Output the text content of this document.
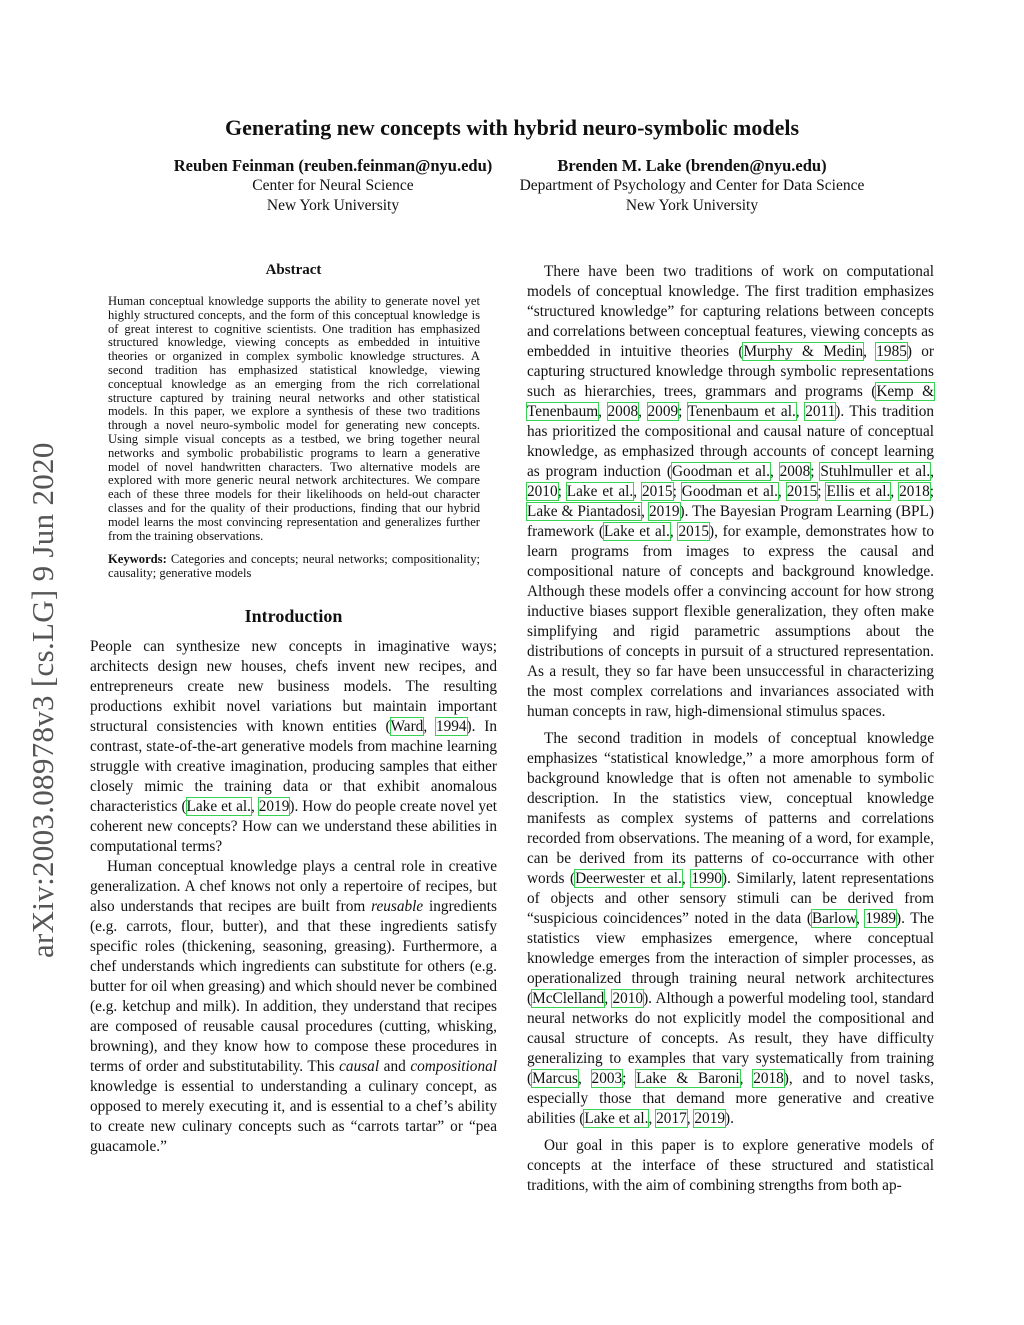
arXiv:2003.08978v3 [cs.LG] 9 Jun 2020
Generating new concepts with hybrid neuro-symbolic models
Reuben Feinman (reuben.feinman@nyu.edu)
Center for Neural Science
New York University
Brenden M. Lake (brenden@nyu.edu)
Department of Psychology and Center for Data Science
New York University
Abstract
Human conceptual knowledge supports the ability to generate novel yet highly structured concepts, and the form of this conceptual knowledge is of great interest to cognitive scientists. One tradition has emphasized structured knowledge, viewing concepts as embedded in intuitive theories or organized in complex symbolic knowledge structures. A second tradition has emphasized statistical knowledge, viewing conceptual knowledge as an emerging from the rich correlational structure captured by training neural networks and other statistical models. In this paper, we explore a synthesis of these two traditions through a novel neuro-symbolic model for generating new concepts. Using simple visual concepts as a testbed, we bring together neural networks and symbolic probabilistic programs to learn a generative model of novel handwritten characters. Two alternative models are explored with more generic neural network architectures. We compare each of these three models for their likelihoods on held-out character classes and for the quality of their productions, finding that our hybrid model learns the most convincing representation and generalizes further from the training observations.
Keywords: Categories and concepts; neural networks; compositionality; causality; generative models
Introduction

People can synthesize new concepts in imaginative ways; architects design new houses, chefs invent new recipes, and entrepreneurs create new business models. The resulting productions exhibit novel variations but maintain important structural consistencies with known entities (Ward, 1994). In contrast, state-of-the-art generative models from machine learning struggle with creative imagination, producing samples that either closely mimic the training data or that exhibit anomalous characteristics (Lake et al., 2019). How do people create novel yet coherent new concepts? How can we understand these abilities in computational terms?

Human conceptual knowledge plays a central role in creative generalization. A chef knows not only a repertoire of recipes, but also understands that recipes are built from reusable ingredients (e.g. carrots, flour, butter), and that these ingredients satisfy specific roles (thickening, seasoning, greasing). Furthermore, a chef understands which ingredients can substitute for others (e.g. butter for oil when greasing) and which should never be combined (e.g. ketchup and milk). In addition, they understand that recipes are composed of reusable causal procedures (cutting, whisking, browning), and they know how to compose these procedures in terms of order and substitutability. This causal and compositional knowledge is essential to understanding a culinary concept, as opposed to merely executing it, and is essential to a chef’s ability to create new culinary concepts such as “carrots tartar” or “pea guacamole.”

There have been two traditions of work on computational models of conceptual knowledge. The first tradition emphasizes “structured knowledge” for capturing relations between concepts and correlations between conceptual features, viewing concepts as embedded in intuitive theories (Murphy & Medin, 1985) or capturing structured knowledge through symbolic representations such as hierarchies, trees, grammars and programs (Kemp & Tenenbaum, 2008, 2009; Tenenbaum et al., 2011). This tradition has prioritized the compositional and causal nature of conceptual knowledge, as emphasized through accounts of concept learning as program induction (Goodman et al., 2008; Stuhlmuller et al., 2010; Lake et al., 2015; Goodman et al., 2015; Ellis et al., 2018; Lake & Piantadosi, 2019). The Bayesian Program Learning (BPL) framework (Lake et al., 2015), for example, demonstrates how to learn programs from images to express the causal and compositional nature of concepts and background knowledge. Although these models offer a convincing account for how strong inductive biases support flexible generalization, they often make simplifying and rigid parametric assumptions about the distributions of concepts in pursuit of a structured representation. As a result, they so far have been unsuccessful in characterizing the most complex correlations and invariances associated with human concepts in raw, high-dimensional stimulus spaces.

The second tradition in models of conceptual knowledge emphasizes “statistical knowledge,” a more amorphous form of background knowledge that is often not amenable to symbolic description. In the statistics view, conceptual knowledge manifests as complex systems of patterns and correlations recorded from observations. The meaning of a word, for example, can be derived from its patterns of co-occurrance with other words (Deerwester et al., 1990). Similarly, latent representations of objects and other sensory stimuli can be derived from “suspicious coincidences” noted in the data (Barlow, 1989). The statistics view emphasizes emergence, where conceptual knowledge emerges from the interaction of simpler processes, as operationalized through training neural network architectures (McClelland, 2010). Although a powerful modeling tool, standard neural networks do not explicitly model the compositional and causal structure of concepts. As result, they have difficulty generalizing to examples that vary systematically from training (Marcus, 2003; Lake & Baroni, 2018), and to novel tasks, especially those that demand more generative and creative abilities (Lake et al., 2017, 2019).

Our goal in this paper is to explore generative models of concepts at the interface of these structured and statistical traditions, with the aim of combining strengths from both ap-
